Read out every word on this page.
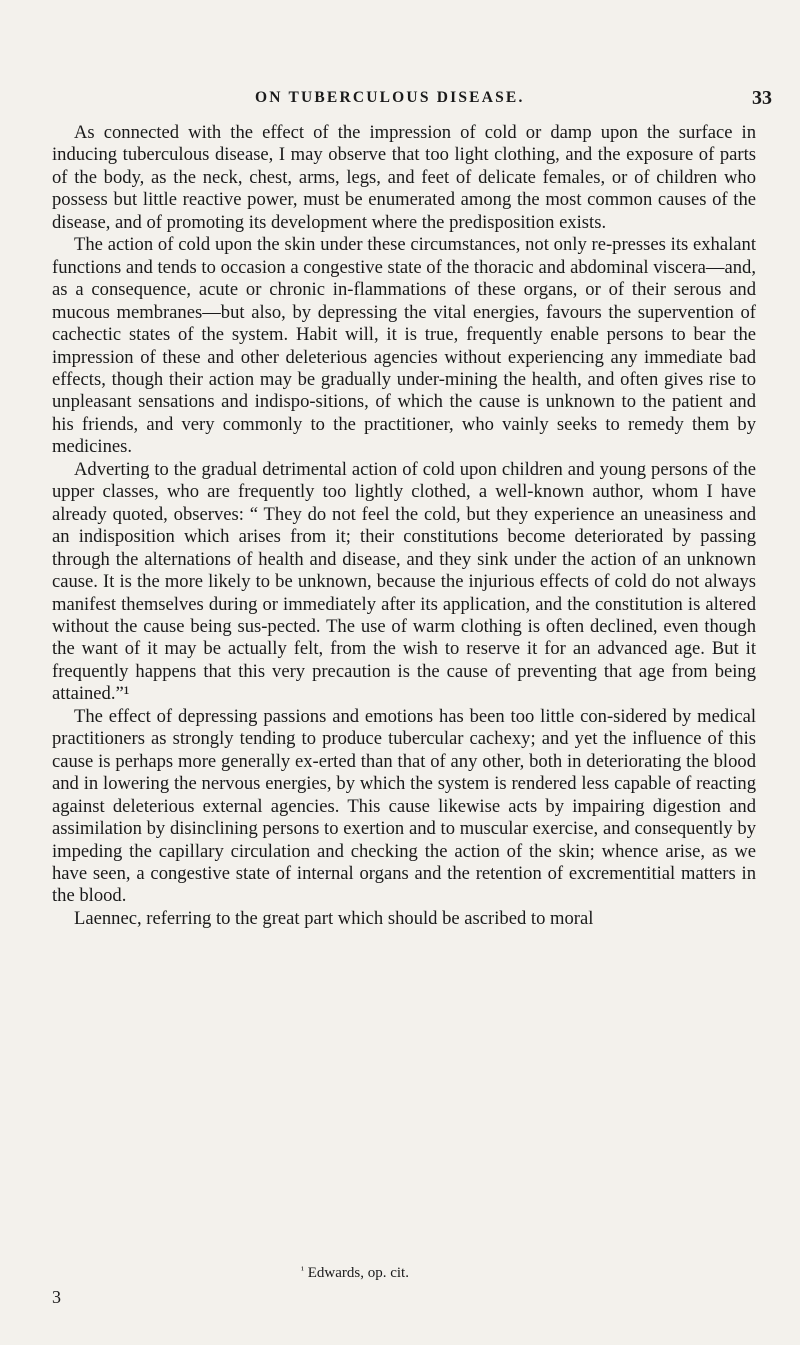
ON TUBERCULOUS DISEASE.	33

As connected with the effect of the impression of cold or damp upon the surface in inducing tuberculous disease, I may observe that too light clothing, and the exposure of parts of the body, as the neck, chest, arms, legs, and feet of delicate females, or of children who possess but little reactive power, must be enumerated among the most common causes of the disease, and of promoting its development where the predisposition exists.

The action of cold upon the skin under these circumstances, not only re-presses its exhalant functions and tends to occasion a congestive state of the thoracic and abdominal viscera—and, as a consequence, acute or chronic in-flammations of these organs, or of their serous and mucous membranes—but also, by depressing the vital energies, favours the supervention of cachectic states of the system. Habit will, it is true, frequently enable persons to bear the impression of these and other deleterious agencies without experiencing any immediate bad effects, though their action may be gradually under-mining the health, and often gives rise to unpleasant sensations and indispo-sitions, of which the cause is unknown to the patient and his friends, and very commonly to the practitioner, who vainly seeks to remedy them by medicines.

Adverting to the gradual detrimental action of cold upon children and young persons of the upper classes, who are frequently too lightly clothed, a well-known author, whom I have already quoted, observes: “ They do not feel the cold, but they experience an uneasiness and an indisposition which arises from it; their constitutions become deteriorated by passing through the alternations of health and disease, and they sink under the action of an unknown cause. It is the more likely to be unknown, because the injurious effects of cold do not always manifest themselves during or immediately after its application, and the constitution is altered without the cause being sus-pected. The use of warm clothing is often declined, even though the want of it may be actually felt, from the wish to reserve it for an advanced age. But it frequently happens that this very precaution is the cause of preventing that age from being attained.”¹

The effect of depressing passions and emotions has been too little con-sidered by medical practitioners as strongly tending to produce tubercular cachexy; and yet the influence of this cause is perhaps more generally ex-erted than that of any other, both in deteriorating the blood and in lowering the nervous energies, by which the system is rendered less capable of reacting against deleterious external agencies. This cause likewise acts by impairing digestion and assimilation by disinclining persons to exertion and to muscular exercise, and consequently by impeding the capillary circulation and checking the action of the skin; whence arise, as we have seen, a congestive state of internal organs and the retention of excrementitial matters in the blood.

Laennec, referring to the great part which should be ascribed to moral

$^{^1}$ Edwards, op. cit.
3
